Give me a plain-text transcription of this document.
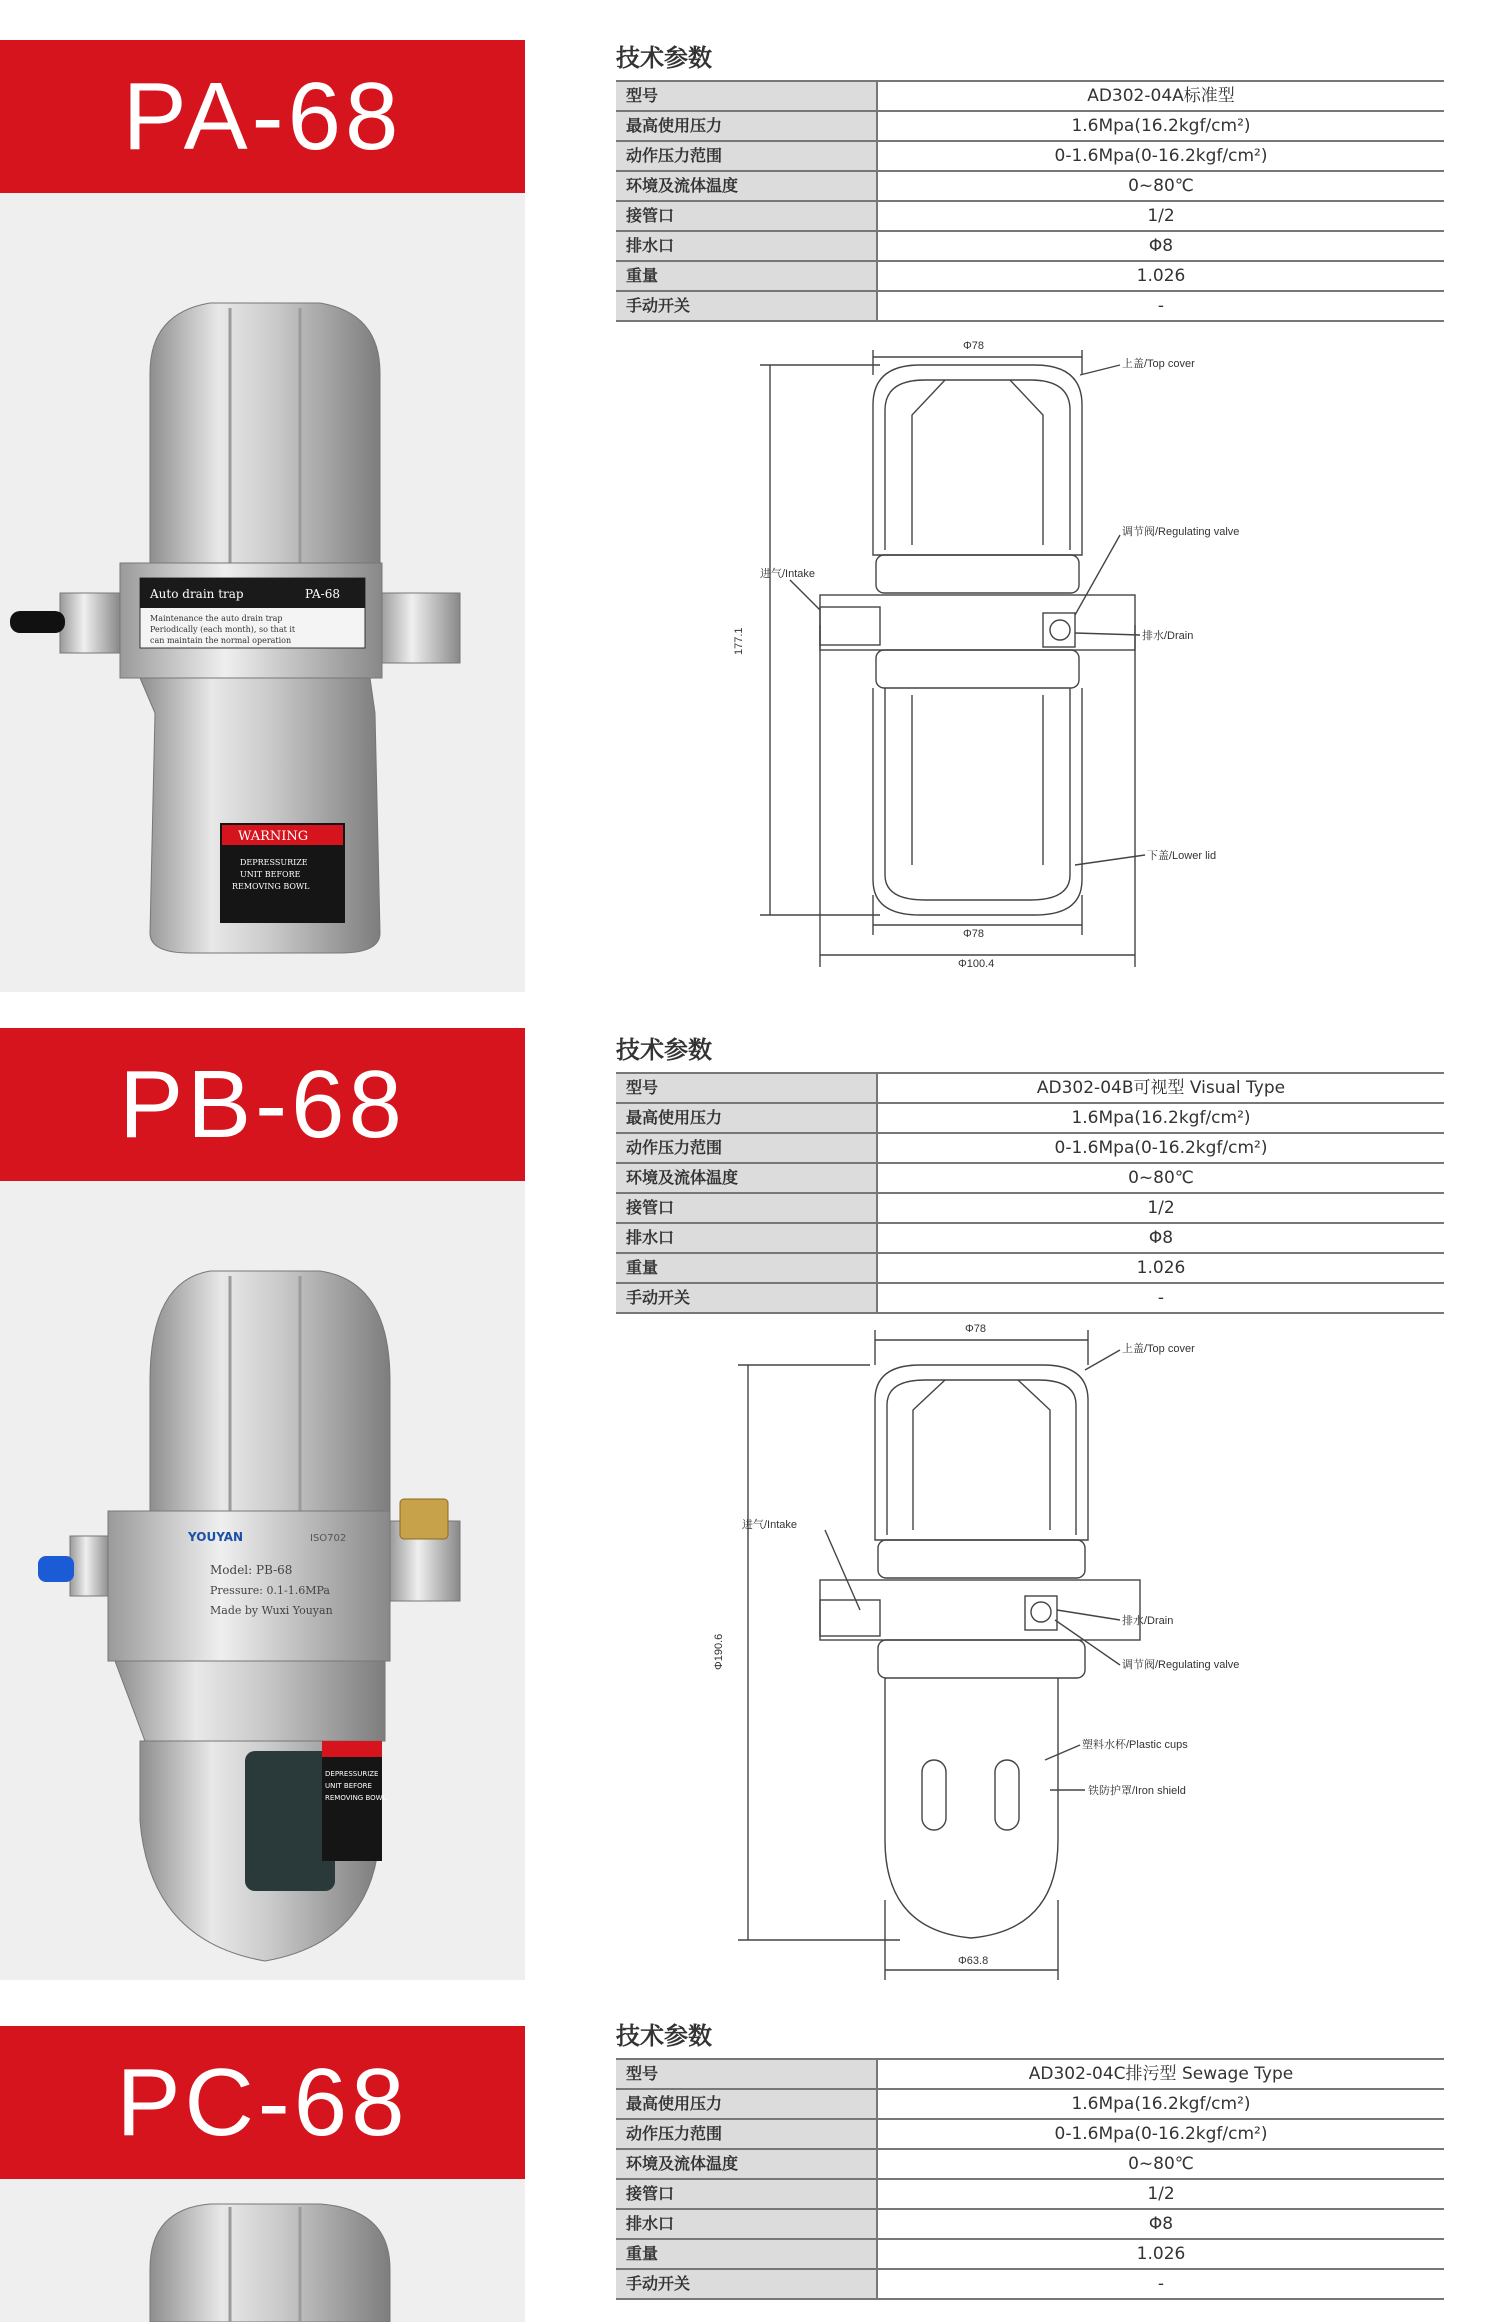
PA-68
Auto drain trap	PA-68
Maintenance the auto drain trap
Periodically (each month), so that it
can maintain the normal operation
WARNING
DEPRESSURIZE
UNIT BEFORE
REMOVING BOWL
技术参数
型号	AD302-04A标准型
最高使用压力	1.6Mpa(16.2kgf/cm²)
动作压力范围	0-1.6Mpa(0-16.2kgf/cm²)
环境及流体温度	0~80℃
接管口	1/2
排水口	Φ8
重量	1.026
手动开关	-
Φ78
上盖/Top cover
调节阀/Regulating valve
进气/Intake
排水/Drain
下盖/Lower lid
Φ78
Φ100.4
177.1
PB-68
YOUYAN	ISO702
Model: PB-68
Pressure: 0.1-1.6MPa
Made by Wuxi Youyan
DEPRESSURIZE
UNIT BEFORE
REMOVING BOWL
技术参数
型号	AD302-04B可视型 Visual Type
最高使用压力	1.6Mpa(16.2kgf/cm²)
动作压力范围	0-1.6Mpa(0-16.2kgf/cm²)
环境及流体温度	0~80℃
接管口	1/2
排水口	Φ8
重量	1.026
手动开关	-
Φ78
上盖/Top cover
进气/Intake
排水/Drain
调节阀/Regulating valve
塑料水杯/Plastic cups
铁防护罩/Iron shield
Φ63.8
Φ190.6
PC-68
技术参数
型号	AD302-04C排污型 Sewage Type
最高使用压力	1.6Mpa(16.2kgf/cm²)
动作压力范围	0-1.6Mpa(0-16.2kgf/cm²)
环境及流体温度	0~80℃
接管口	1/2
排水口	Φ8
重量	1.026
手动开关	-
